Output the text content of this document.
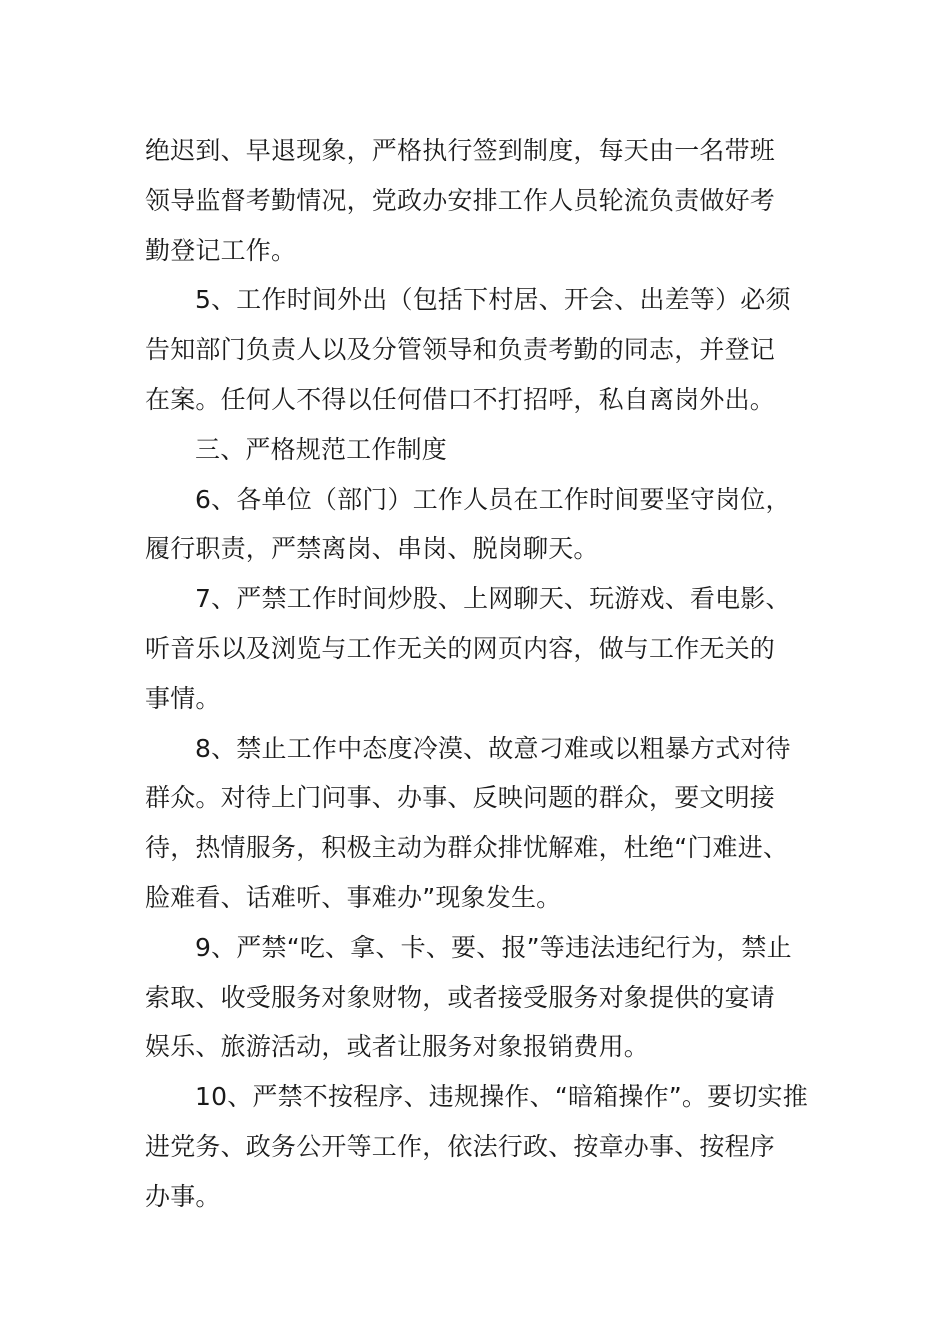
绝迟到、早退现象，严格执行签到制度，每天由一名带班
领导监督考勤情况，党政办安排工作人员轮流负责做好考
勤登记工作。

5、工作时间外出（包括下村居、开会、出差等）必须
告知部门负责人以及分管领导和负责考勤的同志，并登记
在案。任何人不得以任何借口不打招呼，私自离岗外出。

三、严格规范工作制度

6、各单位（部门）工作人员在工作时间要坚守岗位，
履行职责，严禁离岗、串岗、脱岗聊天。

7、严禁工作时间炒股、上网聊天、玩游戏、看电影、
听音乐以及浏览与工作无关的网页内容，做与工作无关的
事情。

8、禁止工作中态度冷漠、故意刁难或以粗暴方式对待
群众。对待上门问事、办事、反映问题的群众，要文明接
待，热情服务，积极主动为群众排忧解难，杜绝“门难进、
脸难看、话难听、事难办”现象发生。

9、严禁“吃、拿、卡、要、报”等违法违纪行为，禁止
索取、收受服务对象财物，或者接受服务对象提供的宴请
娱乐、旅游活动，或者让服务对象报销费用。

10、严禁不按程序、违规操作、“暗箱操作”。要切实推
进党务、政务公开等工作，依法行政、按章办事、按程序
办事。
